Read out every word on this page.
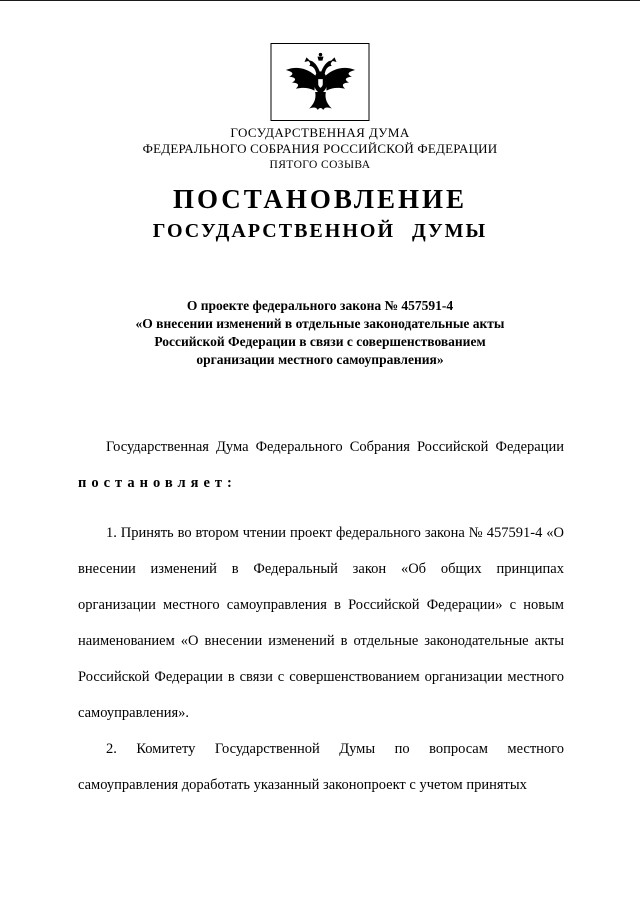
ГОСУДАРСТВЕННАЯ ДУМА
ФЕДЕРАЛЬНОГО СОБРАНИЯ РОССИЙСКОЙ ФЕДЕРАЦИИ
ПЯТОГО СОЗЫВА
ПОСТАНОВЛЕНИЕ
ГОСУДАРСТВЕННОЙ ДУМЫ
О проекте федерального закона № 457591-4
«О внесении изменений в отдельные законодательные акты
Российской Федерации в связи с совершенствованием
организации местного самоуправления»
Государственная Дума Федерального Собрания Российской Федерации
постановляет:

1. Принять во втором чтении проект федерального закона № 457591-4 «О внесении изменений в Федеральный закон «Об общих принципах организации местного самоуправления в Российской Федерации» с новым наименованием «О внесении изменений в отдельные законодательные акты Российской Федерации в связи с совершенствованием организации местного самоуправления».

2. Комитету Государственной Думы по вопросам местного самоуправления доработать указанный законопроект с учетом принятых
